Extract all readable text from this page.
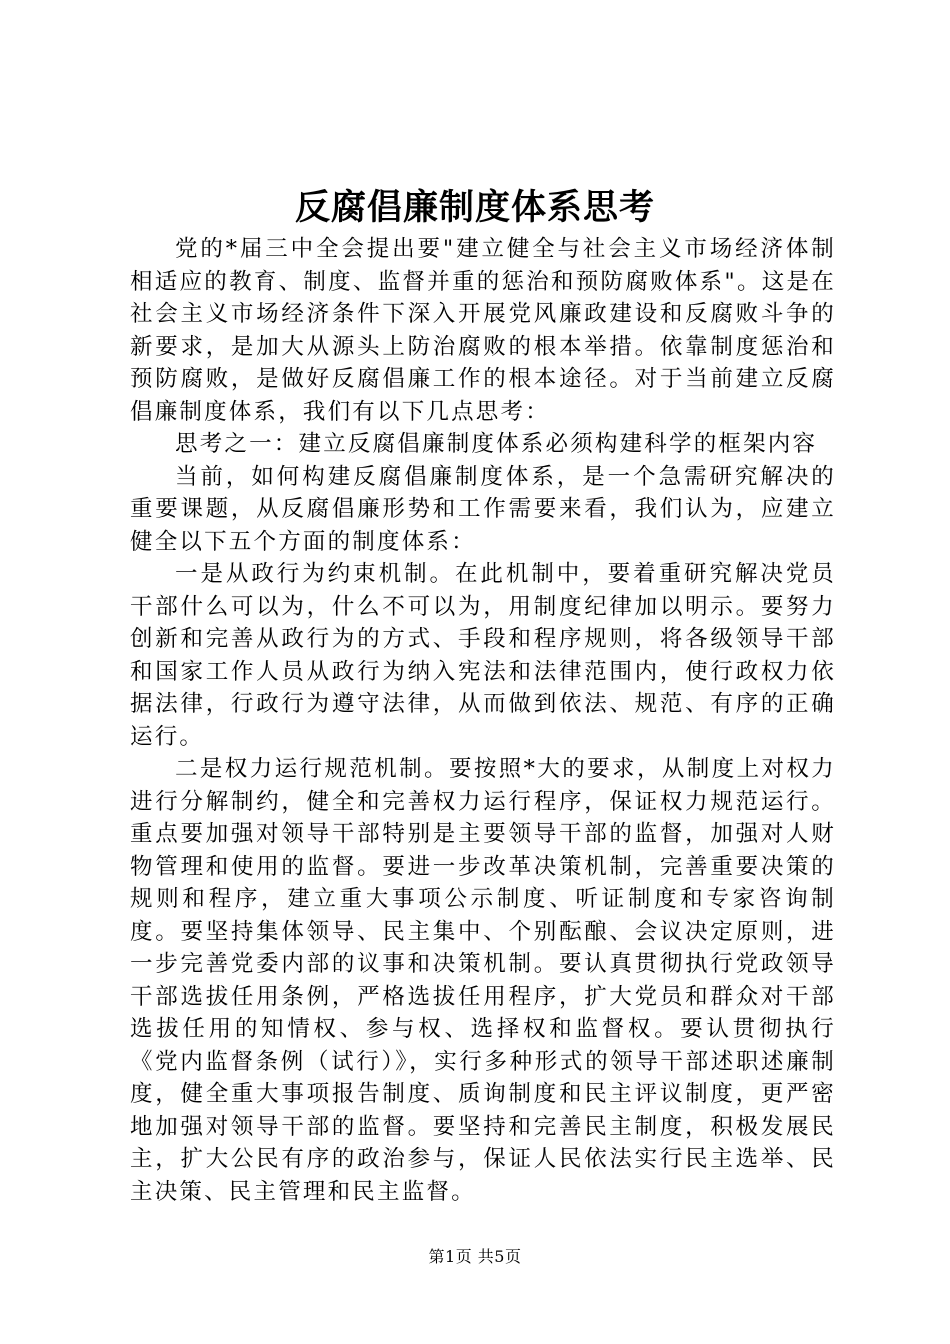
反腐倡廉制度体系思考

党的*届三中全会提出要"建立健全与社会主义市场经济体制相适应的教育、制度、监督并重的惩治和预防腐败体系"。这是在社会主义市场经济条件下深入开展党风廉政建设和反腐败斗争的新要求，是加大从源头上防治腐败的根本举措。依靠制度惩治和预防腐败，是做好反腐倡廉工作的根本途径。对于当前建立反腐倡廉制度体系，我们有以下几点思考：

思考之一：建立反腐倡廉制度体系必须构建科学的框架内容

当前，如何构建反腐倡廉制度体系，是一个急需研究解决的重要课题，从反腐倡廉形势和工作需要来看，我们认为，应建立健全以下五个方面的制度体系：

一是从政行为约束机制。在此机制中，要着重研究解决党员干部什么可以为，什么不可以为，用制度纪律加以明示。要努力创新和完善从政行为的方式、手段和程序规则，将各级领导干部和国家工作人员从政行为纳入宪法和法律范围内，使行政权力依据法律，行政行为遵守法律，从而做到依法、规范、有序的正确运行。

二是权力运行规范机制。要按照*大的要求，从制度上对权力进行分解制约，健全和完善权力运行程序，保证权力规范运行。重点要加强对领导干部特别是主要领导干部的监督，加强对人财物管理和使用的监督。要进一步改革决策机制，完善重要决策的规则和程序，建立重大事项公示制度、听证制度和专家咨询制度。要坚持集体领导、民主集中、个别酝酿、会议决定原则，进一步完善党委内部的议事和决策机制。要认真贯彻执行党政领导干部选拔任用条例，严格选拔任用程序，扩大党员和群众对干部选拔任用的知情权、参与权、选择权和监督权。要认贯彻执行《党内监督条例（试行）》，实行多种形式的领导干部述职述廉制度，健全重大事项报告制度、质询制度和民主评议制度，更严密地加强对领导干部的监督。要坚持和完善民主制度，积极发展民主，扩大公民有序的政治参与，保证人民依法实行民主选举、民主决策、民主管理和民主监督。

第1页 共5页
